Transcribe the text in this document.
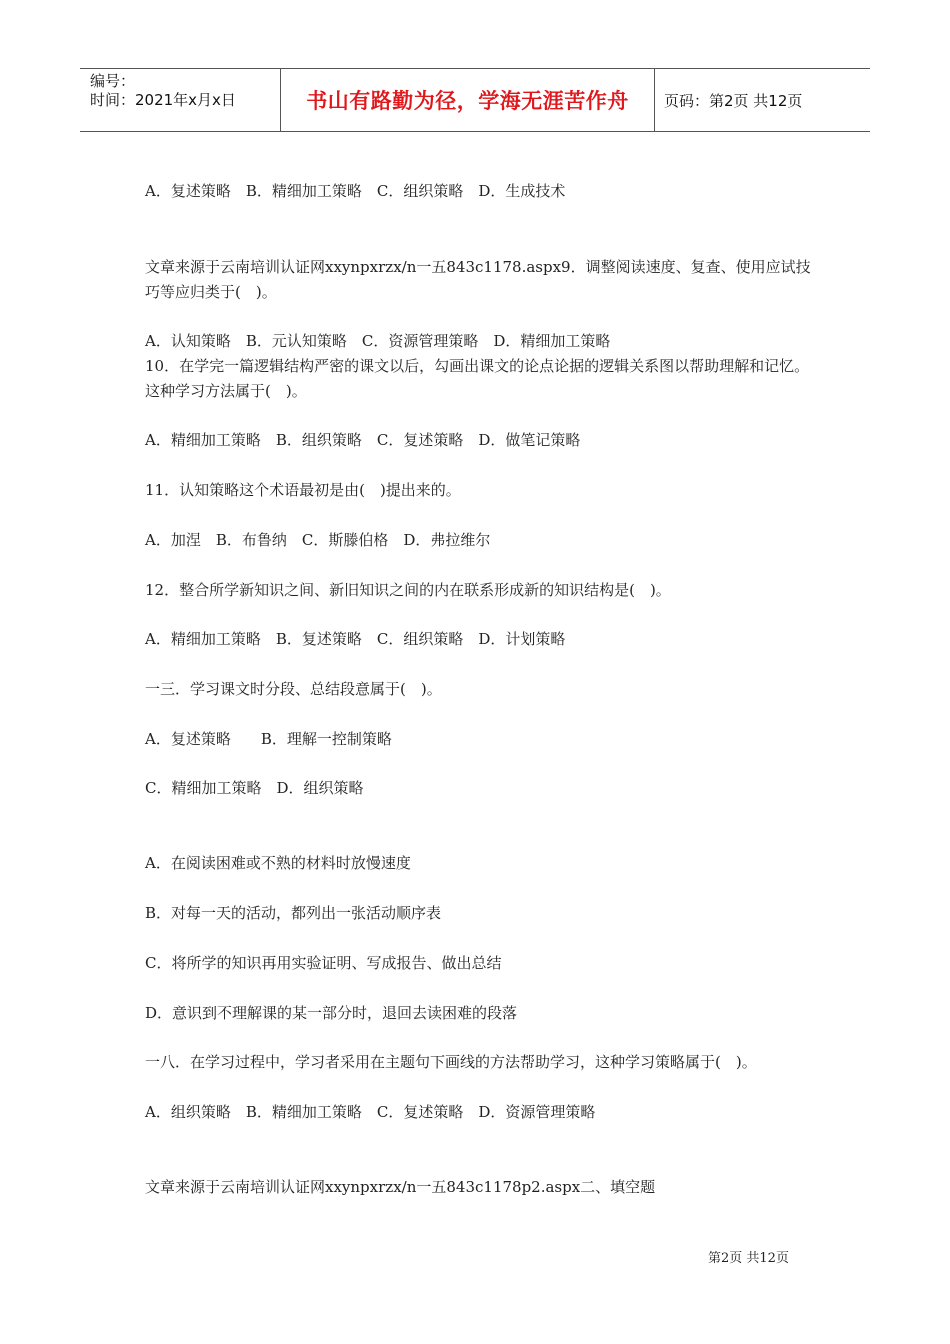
编号：
时间：2021年x月x日	书山有路勤为径，学海无涯苦作舟	页码：第2页 共12页
A．复述策略　B．精细加工策略　C．组织策略　D．生成技术
文章来源于云南培训认证网xxynpxrzx/n一五843c1178.aspx9．调整阅读速度、复查、使用应试技巧等应归类于(　)。
A．认知策略　B．元认知策略　C．资源管理策略　D．精细加工策略
10．在学完一篇逻辑结构严密的课文以后，勾画出课文的论点论据的逻辑关系图以帮助理解和记忆。这种学习方法属于(　)。
A．精细加工策略　B．组织策略　C．复述策略　D．做笔记策略
11．认知策略这个术语最初是由(　)提出来的。
A．加涅　B．布鲁纳　C．斯滕伯格　D．弗拉维尔
12．整合所学新知识之间、新旧知识之间的内在联系形成新的知识结构是(　)。
A．精细加工策略　B．复述策略　C．组织策略　D．计划策略
一三．学习课文时分段、总结段意属于(　)。
A．复述策略　　B．理解一控制策略
C．精细加工策略　D．组织策略
A．在阅读困难或不熟的材料时放慢速度
B．对每一天的活动，都列出一张活动顺序表
C．将所学的知识再用实验证明、写成报告、做出总结
D．意识到不理解课的某一部分时，退回去读困难的段落
一八．在学习过程中，学习者采用在主题句下画线的方法帮助学习，这种学习策略属于(　)。
A．组织策略　B．精细加工策略　C．复述策略　D．资源管理策略
文章来源于云南培训认证网xxynpxrzx/n一五843c1178p2.aspx二、填空题
第2页 共12页
